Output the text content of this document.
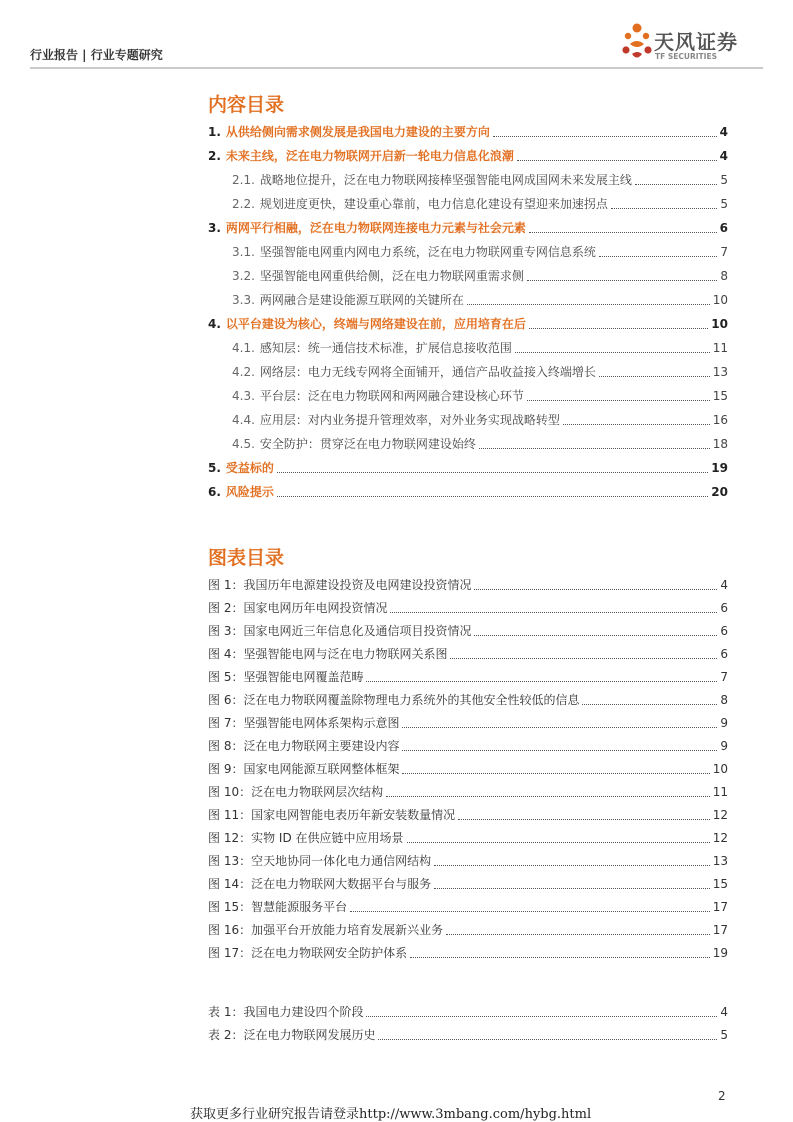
行业报告 | 行业专题研究
天风证券
TF SECURITIES
内容目录
1. 从供给侧向需求侧发展是我国电力建设的主要方向	4
2. 未来主线，泛在电力物联网开启新一轮电力信息化浪潮	4
2.1. 战略地位提升，泛在电力物联网接棒坚强智能电网成国网未来发展主线	5
2.2. 规划进度更快，建设重心靠前，电力信息化建设有望迎来加速拐点	5
3. 两网平行相融，泛在电力物联网连接电力元素与社会元素	6
3.1. 坚强智能电网重内网电力系统，泛在电力物联网重专网信息系统	7
3.2. 坚强智能电网重供给侧，泛在电力物联网重需求侧	8
3.3. 两网融合是建设能源互联网的关键所在	10
4. 以平台建设为核心，终端与网络建设在前，应用培育在后	10
4.1. 感知层：统一通信技术标准，扩展信息接收范围	11
4.2. 网络层：电力无线专网将全面铺开，通信产品收益接入终端增长	13
4.3. 平台层：泛在电力物联网和两网融合建设核心环节	15
4.4. 应用层：对内业务提升管理效率，对外业务实现战略转型	16
4.5. 安全防护：贯穿泛在电力物联网建设始终	18
5. 受益标的	19
6. 风险提示	20
图表目录
图 1：我国历年电源建设投资及电网建设投资情况	4
图 2：国家电网历年电网投资情况	6
图 3：国家电网近三年信息化及通信项目投资情况	6
图 4：坚强智能电网与泛在电力物联网关系图	6
图 5：坚强智能电网覆盖范畴	7
图 6：泛在电力物联网覆盖除物理电力系统外的其他安全性较低的信息	8
图 7：坚强智能电网体系架构示意图	9
图 8：泛在电力物联网主要建设内容	9
图 9：国家电网能源互联网整体框架	10
图 10：泛在电力物联网层次结构	11
图 11：国家电网智能电表历年新安装数量情况	12
图 12：实物 ID 在供应链中应用场景	12
图 13：空天地协同一体化电力通信网结构	13
图 14：泛在电力物联网大数据平台与服务	15
图 15：智慧能源服务平台	17
图 16：加强平台开放能力培育发展新兴业务	17
图 17：泛在电力物联网安全防护体系	19
表 1：我国电力建设四个阶段	4
表 2：泛在电力物联网发展历史	5
2
获取更多行业研究报告请登录http://www.3mbang.com/hybg.html
